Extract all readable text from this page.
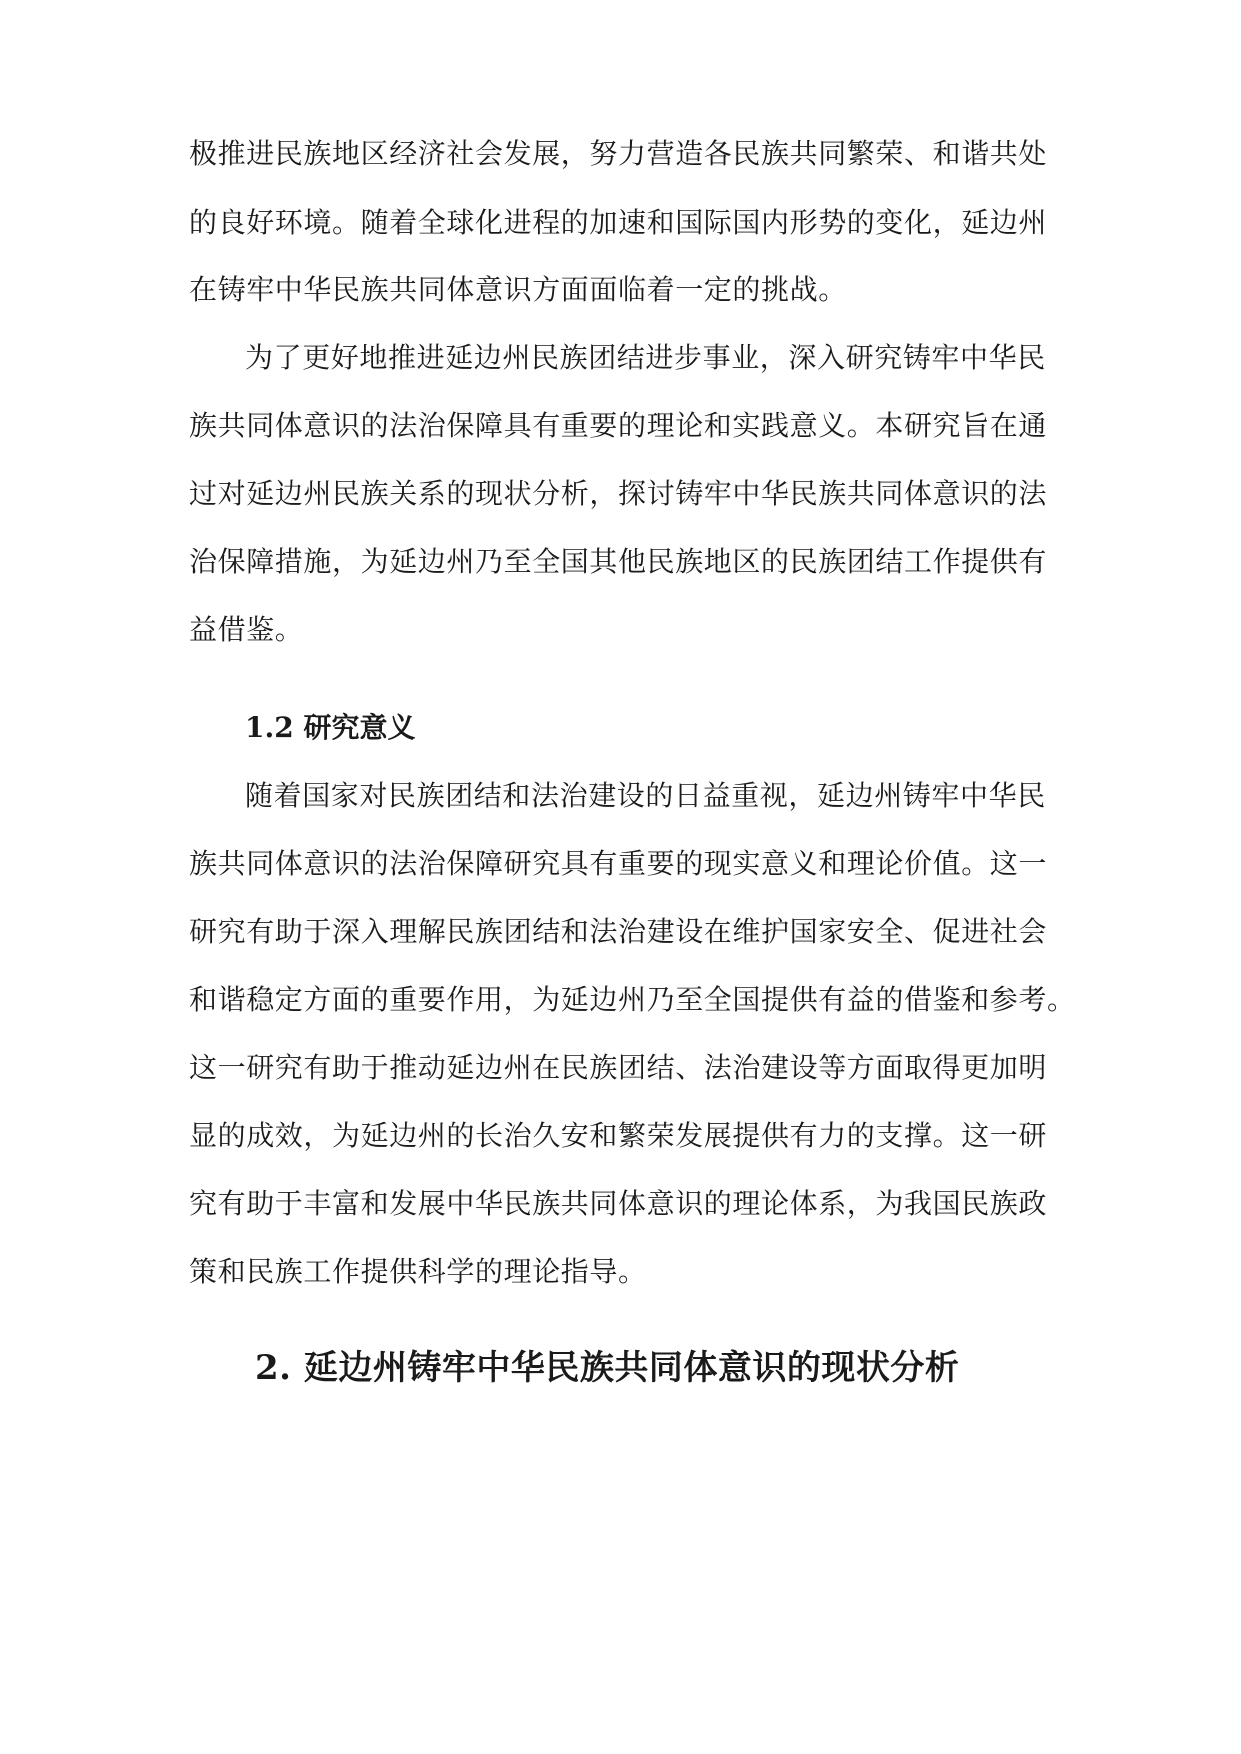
极推进民族地区经济社会发展，努力营造各民族共同繁荣、和谐共处
的良好环境。随着全球化进程的加速和国际国内形势的变化，延边州
在铸牢中华民族共同体意识方面面临着一定的挑战。
为了更好地推进延边州民族团结进步事业，深入研究铸牢中华民
族共同体意识的法治保障具有重要的理论和实践意义。本研究旨在通
过对延边州民族关系的现状分析，探讨铸牢中华民族共同体意识的法
治保障措施，为延边州乃至全国其他民族地区的民族团结工作提供有
益借鉴。
1.2 研究意义
随着国家对民族团结和法治建设的日益重视，延边州铸牢中华民
族共同体意识的法治保障研究具有重要的现实意义和理论价值。这一
研究有助于深入理解民族团结和法治建设在维护国家安全、促进社会
和谐稳定方面的重要作用，为延边州乃至全国提供有益的借鉴和参考。
这一研究有助于推动延边州在民族团结、法治建设等方面取得更加明
显的成效，为延边州的长治久安和繁荣发展提供有力的支撑。这一研
究有助于丰富和发展中华民族共同体意识的理论体系，为我国民族政
策和民族工作提供科学的理论指导。
2. 延边州铸牢中华民族共同体意识的现状分析
